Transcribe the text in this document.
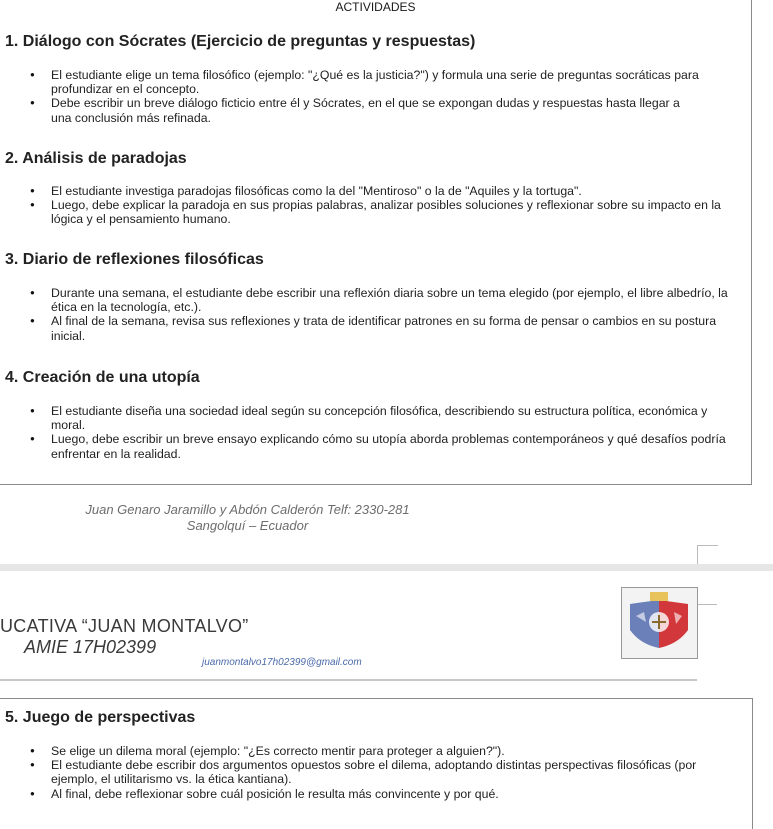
ACTIVIDADES
1. Diálogo con Sócrates (Ejercicio de preguntas y respuestas)
● El estudiante elige un tema filosófico (ejemplo: "¿Qué es la justicia?") y formula una serie de preguntas socráticas para profundizar en el concepto.
● Debe escribir un breve diálogo ficticio entre él y Sócrates, en el que se expongan dudas y respuestas hasta llegar a una conclusión más refinada.
2. Análisis de paradojas
● El estudiante investiga paradojas filosóficas como la del "Mentiroso" o la de "Aquiles y la tortuga".
● Luego, debe explicar la paradoja en sus propias palabras, analizar posibles soluciones y reflexionar sobre su impacto en la lógica y el pensamiento humano.
3. Diario de reflexiones filosóficas
● Durante una semana, el estudiante debe escribir una reflexión diaria sobre un tema elegido (por ejemplo, el libre albedrío, la ética en la tecnología, etc.).
● Al final de la semana, revisa sus reflexiones y trata de identificar patrones en su forma de pensar o cambios en su postura inicial.
4. Creación de una utopía
● El estudiante diseña una sociedad ideal según su concepción filosófica, describiendo su estructura política, económica y moral.
● Luego, debe escribir un breve ensayo explicando cómo su utopía aborda problemas contemporáneos y qué desafíos podría enfrentar en la realidad.
Juan Genaro Jaramillo y Abdón Calderón Telf: 2330-281
Sangolquí – Ecuador
UCATIVA “JUAN MONTALVO”
AMIE 17H02399
juanmontalvo17h02399@gmail.com
5. Juego de perspectivas
● Se elige un dilema moral (ejemplo: "¿Es correcto mentir para proteger a alguien?").
● El estudiante debe escribir dos argumentos opuestos sobre el dilema, adoptando distintas perspectivas filosóficas (por ejemplo, el utilitarismo vs. la ética kantiana).
● Al final, debe reflexionar sobre cuál posición le resulta más convincente y por qué.
